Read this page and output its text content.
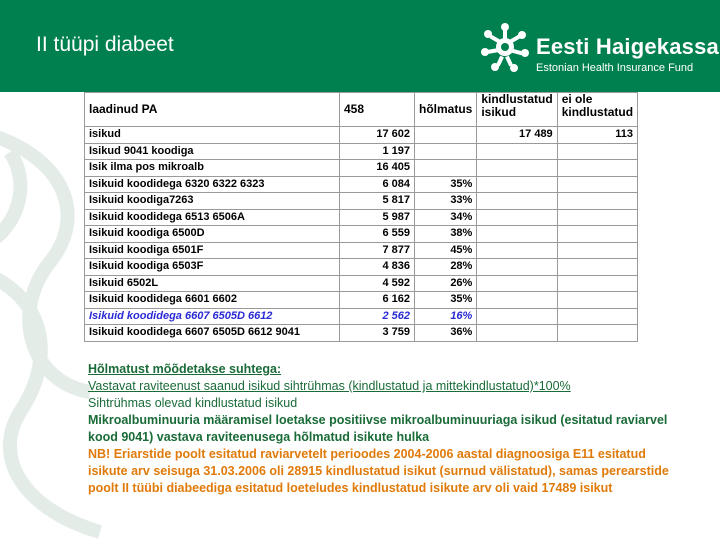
II tüüpi diabeet	Eesti Haigekassa
Estonian Health Insurance Fund
laadinud PA	458	hõlmatus	kindlustatud isikud	ei ole kindlustatud
isikud	17 602		17 489	113
Isikud 9041 koodiga	1 197			
Isik ilma pos mikroalb	16 405			
Isikuid koodidega 6320 6322 6323	6 084	35%		
Isikuid koodiga7263	5 817	33%		
Isikuid koodidega 6513 6506A	5 987	34%		
Isikuid koodiga 6500D	6 559	38%		
Isikuid koodiga 6501F	7 877	45%		
Isikuid koodiga 6503F	4 836	28%		
Isikuid 6502L	4 592	26%		
Isikuid koodidega 6601 6602	6 162	35%		
Isikuid koodidega 6607 6505D 6612	2 562	16%		
Isikuid koodidega 6607 6505D 6612 9041	3 759	36%		

Hõlmatust mõõdetakse suhtega:

Vastavat raviteenust saanud isikud sihtrühmas (kindlustatud ja mittekindlustatud)*100%

Sihtrühmas olevad kindlustatud isikud

Mikroalbuminuuria määramisel loetakse positiivse mikroalbuminuuriaga isikud (esitatud raviarvel kood 9041) vastava raviteenusega hõlmatud isikute hulka

NB! Eriarstide poolt esitatud raviarvetelt perioodes 2004-2006 aastal diagnoosiga E11 esitatud isikute arv seisuga 31.03.2006 oli 28915 kindlustatud isikut (surnud välistatud), samas perearstide poolt II tüübi diabeediga esitatud loeteludes kindlustatud isikute arv oli vaid 17489 isikut
